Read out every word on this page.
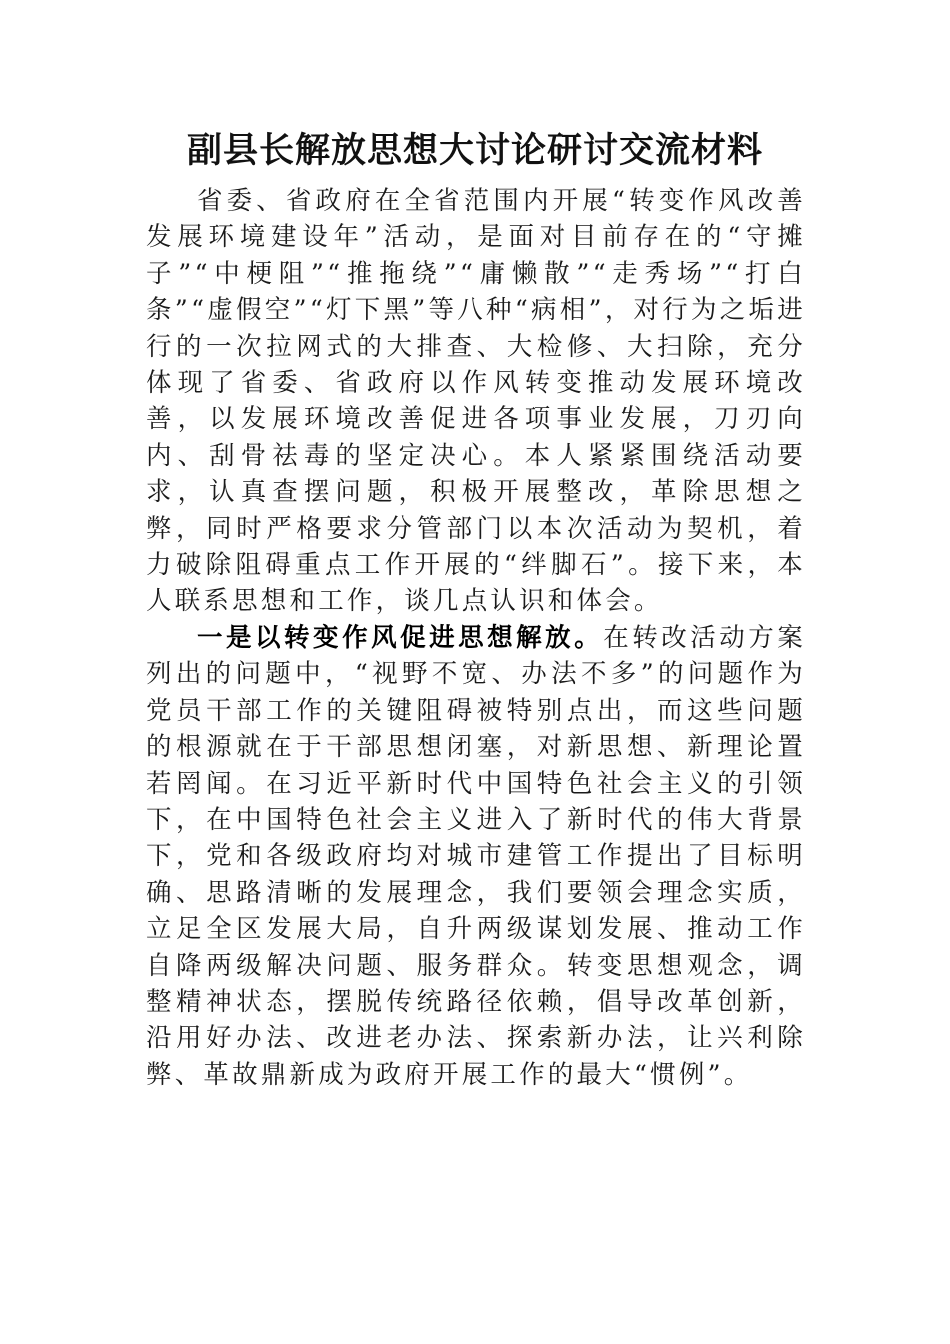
副县长解放思想大讨论研讨交流材料

省委、省政府在全省范围内开展“转变作风改善发展环境建设年”活动，是面对目前存在的“守摊子”“中梗阻”“推拖绕”“庸懒散”“走秀场”“打白条”“虚假空”“灯下黑”等八种“病相”，对行为之垢进行的一次拉网式的大排查、大检修、大扫除，充分体现了省委、省政府以作风转变推动发展环境改善，以发展环境改善促进各项事业发展，刀刃向内、刮骨祛毒的坚定决心。本人紧紧围绕活动要求，认真查摆问题，积极开展整改，革除思想之弊，同时严格要求分管部门以本次活动为契机，着力破除阻碍重点工作开展的“绊脚石”。接下来，本人联系思想和工作，谈几点认识和体会。

一是以转变作风促进思想解放。在转改活动方案列出的问题中，“视野不宽、办法不多”的问题作为党员干部工作的关键阻碍被特别点出，而这些问题的根源就在于干部思想闭塞，对新思想、新理论置若罔闻。在习近平新时代中国特色社会主义的引领下，在中国特色社会主义进入了新时代的伟大背景下，党和各级政府均对城市建管工作提出了目标明确、思路清晰的发展理念，我们要领会理念实质，立足全区发展大局，自升两级谋划发展、推动工作自降两级解决问题、服务群众。转变思想观念，调整精神状态，摆脱传统路径依赖，倡导改革创新，沿用好办法、改进老办法、探索新办法，让兴利除弊、革故鼎新成为政府开展工作的最大“惯例”。
